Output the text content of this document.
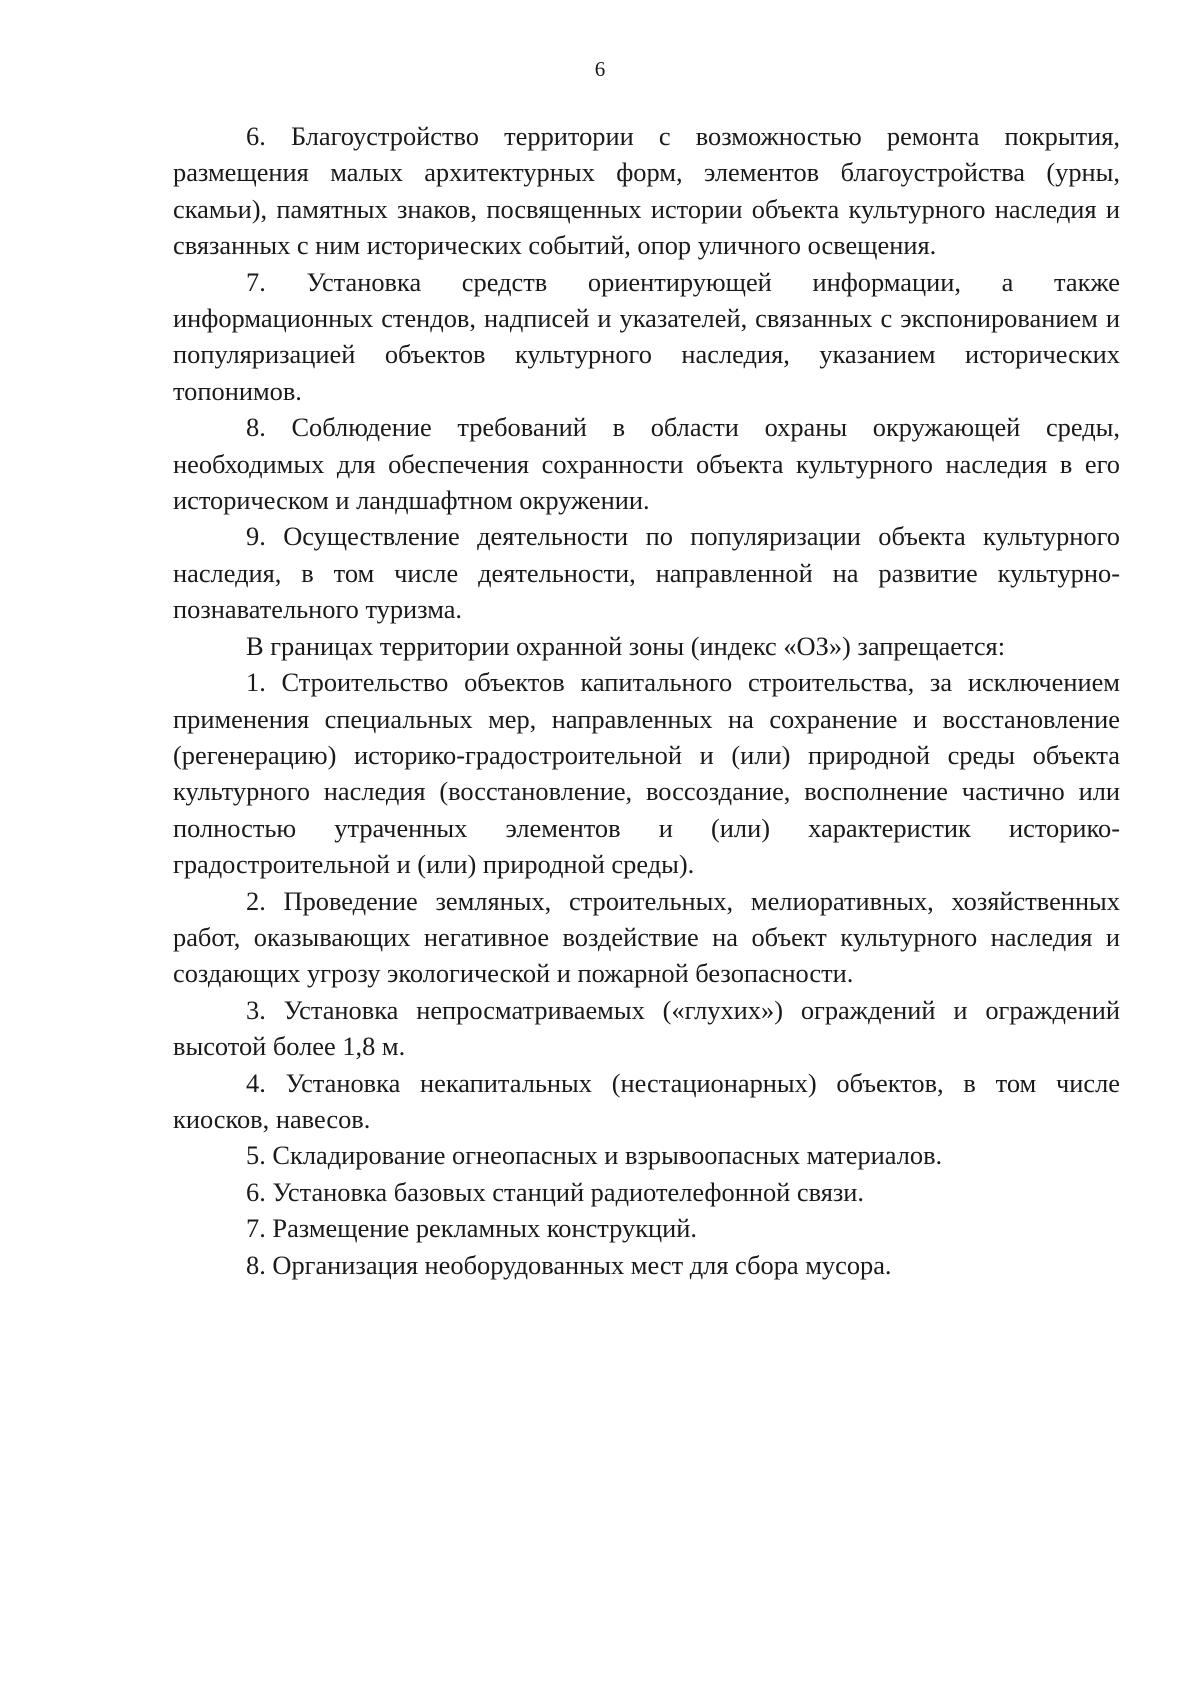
6

6. Благоустройство территории с возможностью ремонта покрытия, размещения малых архитектурных форм, элементов благоустройства (урны, скамьи), памятных знаков, посвященных истории объекта культурного наследия и связанных с ним исторических событий, опор уличного освещения.

7. Установка средств ориентирующей информации, а также информационных стендов, надписей и указателей, связанных с экспонированием и популяризацией объектов культурного наследия, указанием исторических топонимов.

8. Соблюдение требований в области охраны окружающей среды, необходимых для обеспечения сохранности объекта культурного наследия в его историческом и ландшафтном окружении.

9. Осуществление деятельности по популяризации объекта культурного наследия, в том числе деятельности, направленной на развитие культурно-познавательного туризма.

В границах территории охранной зоны (индекс «ОЗ») запрещается:

1. Строительство объектов капитального строительства, за исключением применения специальных мер, направленных на сохранение и восстановление (регенерацию) историко-градостроительной и (или) природной среды объекта культурного наследия (восстановление, воссоздание, восполнение частично или полностью утраченных элементов и (или) характеристик историко-градостроительной и (или) природной среды).

2. Проведение земляных, строительных, мелиоративных, хозяйственных работ, оказывающих негативное воздействие на объект культурного наследия и создающих угрозу экологической и пожарной безопасности.

3. Установка непросматриваемых («глухих») ограждений и ограждений высотой более 1,8 м.

4. Установка некапитальных (нестационарных) объектов, в том числе киосков, навесов.

5. Складирование огнеопасных и взрывоопасных материалов.

6. Установка базовых станций радиотелефонной связи.

7. Размещение рекламных конструкций.

8. Организация необорудованных мест для сбора мусора.
